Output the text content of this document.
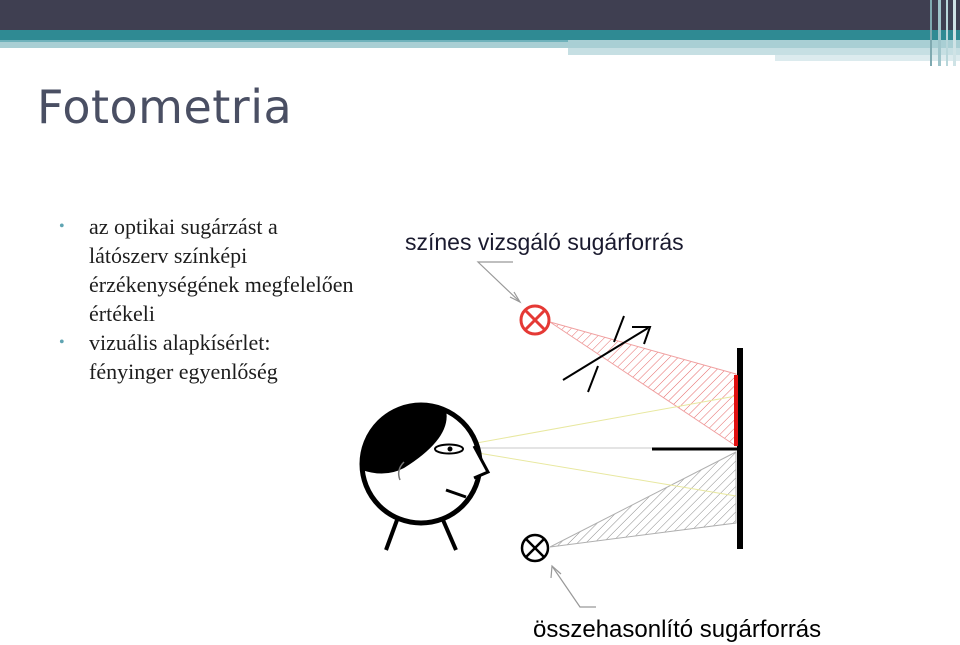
Fotometria
• az optikai sugárzást a látószerv színképi érzékenységének megfelelően értékeli
• vizuális alapkísérlet: fényinger egyenlőség
színes vizsgáló sugárforrás
összehasonlító sugárforrás
